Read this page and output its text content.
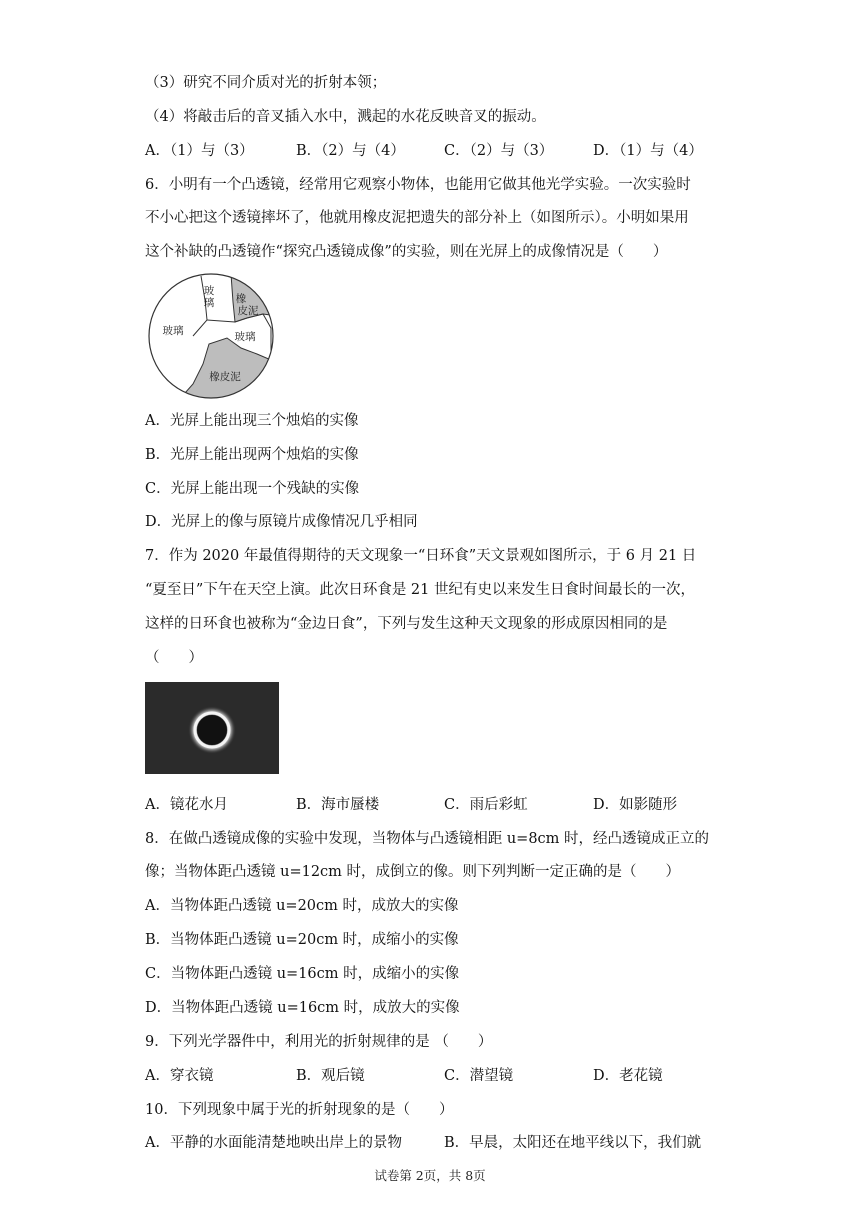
（3）研究不同介质对光的折射本领；
（4）将敲击后的音叉插入水中，溅起的水花反映音叉的振动。
A．（1）与（3）	B．（2）与（4）	C．（2）与（3）	D．（1）与（4）
6．小明有一个凸透镜，经常用它观察小物体，也能用它做其他光学实验。一次实验时
不小心把这个透镜摔坏了，他就用橡皮泥把遗失的部分补上（如图所示）。小明如果用
这个补缺的凸透镜作“探究凸透镜成像”的实验，则在光屏上的成像情况是（　　）
玻
璃 橡
皮泥
玻璃	玻璃
橡皮泥
A．光屏上能出现三个烛焰的实像
B．光屏上能出现两个烛焰的实像
C．光屏上能出现一个残缺的实像
D．光屏上的像与原镜片成像情况几乎相同
7．作为 2020 年最值得期待的天文现象一“日环食”天文景观如图所示，于 6 月 21 日
“夏至日”下午在天空上演。此次日环食是 21 世纪有史以来发生日食时间最长的一次，
这样的日环食也被称为“金边日食”，下列与发生这种天文现象的形成原因相同的是
（　　）
A．镜花水月	B．海市蜃楼	C．雨后彩虹	D．如影随形
8．在做凸透镜成像的实验中发现，当物体与凸透镜相距 u=8cm 时，经凸透镜成正立的
像；当物体距凸透镜 u=12cm 时，成倒立的像。则下列判断一定正确的是（　　）
A．当物体距凸透镜 u=20cm 时，成放大的实像
B．当物体距凸透镜 u=20cm 时，成缩小的实像
C．当物体距凸透镜 u=16cm 时，成缩小的实像
D．当物体距凸透镜 u=16cm 时，成放大的实像
9．下列光学器件中，利用光的折射规律的是 （　　）
A．穿衣镜	B．观后镜	C．潜望镜	D．老花镜
10．下列现象中属于光的折射现象的是（　　）
A．平静的水面能清楚地映出岸上的景物	B．早晨，太阳还在地平线以下，我们就
试卷第 2页，共 8页
